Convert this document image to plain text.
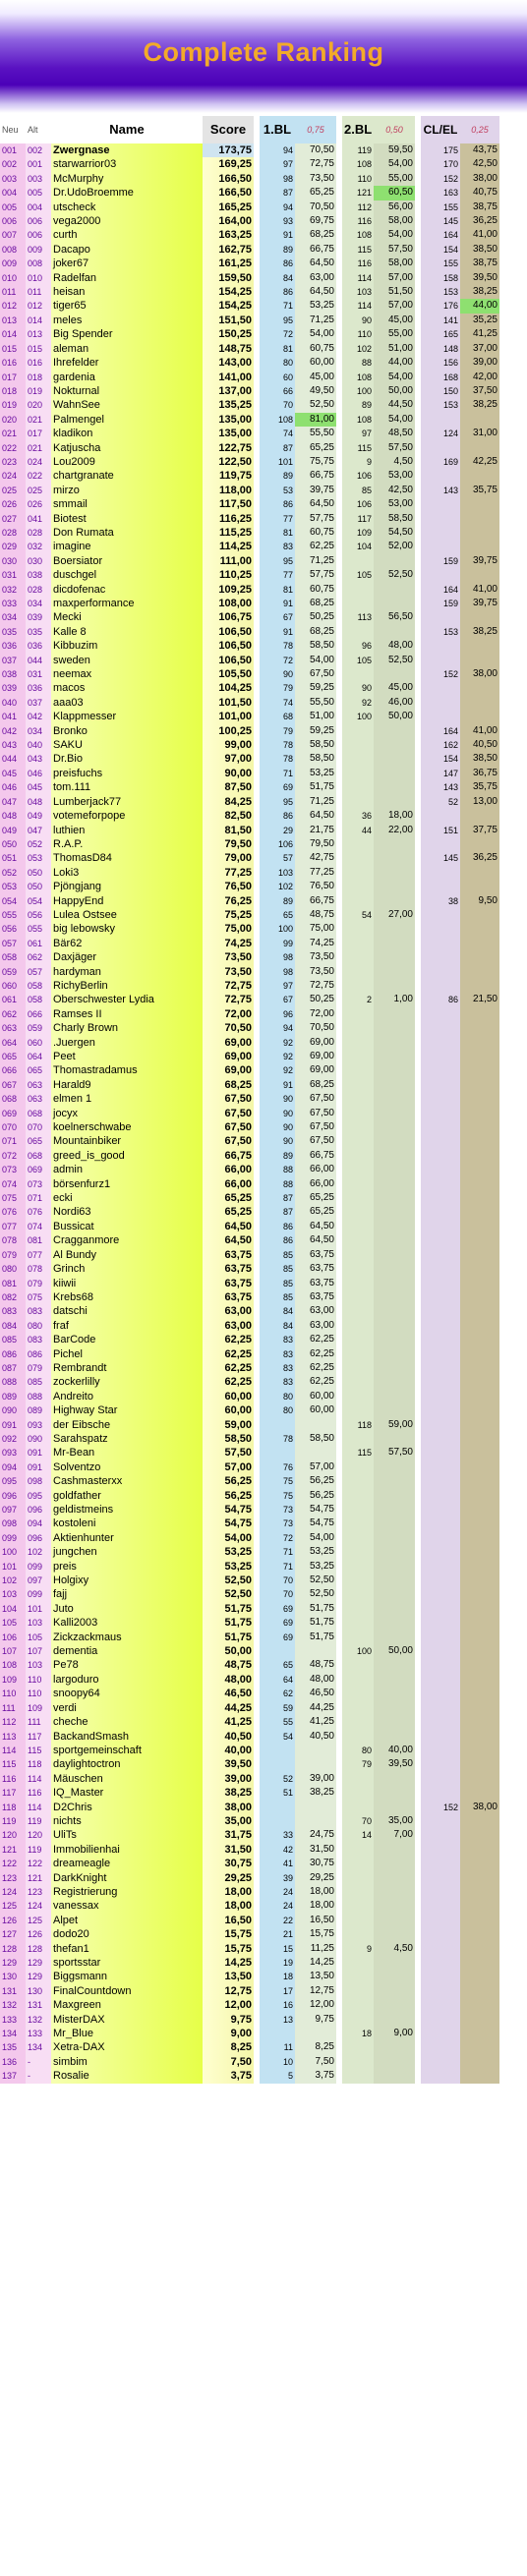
Complete Ranking
Neu	Alt	Name	Score		1.BL	0,75		2.BL	0,50		CL/EL	0,25	
001	002	Zwergnase	173,75		94	70,50		119	59,50		175	43,75	
002	001	starwarrior03	169,25		97	72,75		108	54,00		170	42,50	
003	003	McMurphy	166,50		98	73,50		110	55,00		152	38,00	
004	005	Dr.UdoBroemme	166,50		87	65,25		121	60,50		163	40,75	
005	004	utscheck	165,25		94	70,50		112	56,00		155	38,75	
006	006	vega2000	164,00		93	69,75		116	58,00		145	36,25	
007	006	curth	163,25		91	68,25		108	54,00		164	41,00	
008	009	Dacapo	162,75		89	66,75		115	57,50		154	38,50	
009	008	joker67	161,25		86	64,50		116	58,00		155	38,75	
010	010	Radelfan	159,50		84	63,00		114	57,00		158	39,50	
011	011	heisan	154,25		86	64,50		103	51,50		153	38,25	
012	012	tiger65	154,25		71	53,25		114	57,00		176	44,00	
013	014	meles	151,50		95	71,25		90	45,00		141	35,25	
014	013	Big Spender	150,25		72	54,00		110	55,00		165	41,25	
015	015	aleman	148,75		81	60,75		102	51,00		148	37,00	
016	016	Ihrefelder	143,00		80	60,00		88	44,00		156	39,00	
017	018	gardenia	141,00		60	45,00		108	54,00		168	42,00	
018	019	Nokturnal	137,00		66	49,50		100	50,00		150	37,50	
019	020	WahnSee	135,25		70	52,50		89	44,50		153	38,25	
020	021	Palmengel	135,00		108	81,00		108	54,00				
021	017	kladikon	135,00		74	55,50		97	48,50		124	31,00	
022	021	Katjuscha	122,75		87	65,25		115	57,50				
023	024	Lou2009	122,50		101	75,75		9	4,50		169	42,25	
024	022	chartgranate	119,75		89	66,75		106	53,00				
025	025	mirzo	118,00		53	39,75		85	42,50		143	35,75	
026	026	smmail	117,50		86	64,50		106	53,00				
027	041	Biotest	116,25		77	57,75		117	58,50				
028	028	Don Rumata	115,25		81	60,75		109	54,50				
029	032	imagine	114,25		83	62,25		104	52,00				
030	030	Boersiator	111,00		95	71,25					159	39,75	
031	038	duschgel	110,25		77	57,75		105	52,50				
032	028	dicdofenac	109,25		81	60,75					164	41,00	
033	034	maxperformance	108,00		91	68,25					159	39,75	
034	039	Mecki	106,75		67	50,25		113	56,50				
035	035	Kalle 8	106,50		91	68,25					153	38,25	
036	036	Kibbuzim	106,50		78	58,50		96	48,00				
037	044	sweden	106,50		72	54,00		105	52,50				
038	031	neemax	105,50		90	67,50					152	38,00	
039	036	macos	104,25		79	59,25		90	45,00				
040	037	aaa03	101,50		74	55,50		92	46,00				
041	042	Klappmesser	101,00		68	51,00		100	50,00				
042	034	Bronko	100,25		79	59,25					164	41,00	
043	040	SAKU	99,00		78	58,50					162	40,50	
044	043	Dr.Bio	97,00		78	58,50					154	38,50	
045	046	preisfuchs	90,00		71	53,25					147	36,75	
046	045	tom.111	87,50		69	51,75					143	35,75	
047	048	Lumberjack77	84,25		95	71,25					52	13,00	
048	049	votemeforpope	82,50		86	64,50		36	18,00				
049	047	luthien	81,50		29	21,75		44	22,00		151	37,75	
050	052	R.A.P.	79,50		106	79,50							
051	053	ThomasD84	79,00		57	42,75					145	36,25	
052	050	Loki3	77,25		103	77,25							
053	050	Pjöngjang	76,50		102	76,50							
054	054	HappyEnd	76,25		89	66,75					38	9,50	
055	056	Lulea Ostsee	75,25		65	48,75		54	27,00				
056	055	big lebowsky	75,00		100	75,00							
057	061	Bär62	74,25		99	74,25							
058	062	Daxjäger	73,50		98	73,50							
059	057	hardyman	73,50		98	73,50							
060	058	RichyBerlin	72,75		97	72,75							
061	058	Oberschwester Lydia	72,75		67	50,25		2	1,00		86	21,50	
062	066	Ramses II	72,00		96	72,00							
063	059	Charly Brown	70,50		94	70,50							
064	060	.Juergen	69,00		92	69,00							
065	064	Peet	69,00		92	69,00							
066	065	Thomastradamus	69,00		92	69,00							
067	063	Harald9	68,25		91	68,25							
068	063	elmen 1	67,50		90	67,50							
069	068	jocyx	67,50		90	67,50							
070	070	koelnerschwabe	67,50		90	67,50							
071	065	Mountainbiker	67,50		90	67,50							
072	068	greed_is_good	66,75		89	66,75							
073	069	admin	66,00		88	66,00							
074	073	börsenfurz1	66,00		88	66,00							
075	071	ecki	65,25		87	65,25							
076	076	Nordi63	65,25		87	65,25							
077	074	Bussicat	64,50		86	64,50							
078	081	Cragganmore	64,50		86	64,50							
079	077	Al Bundy	63,75		85	63,75							
080	078	Grinch	63,75		85	63,75							
081	079	kiiwii	63,75		85	63,75							
082	075	Krebs68	63,75		85	63,75							
083	083	datschi	63,00		84	63,00							
084	080	fraf	63,00		84	63,00							
085	083	BarCode	62,25		83	62,25							
086	086	Pichel	62,25		83	62,25							
087	079	Rembrandt	62,25		83	62,25							
088	085	zockerlilly	62,25		83	62,25							
089	088	Andreito	60,00		80	60,00							
090	089	Highway Star	60,00		80	60,00							
091	093	der Eibsche	59,00					118	59,00				
092	090	Sarahspatz	58,50		78	58,50							
093	091	Mr-Bean	57,50					115	57,50				
094	091	Solventzo	57,00		76	57,00							
095	098	Cashmasterxx	56,25		75	56,25							
096	095	goldfather	56,25		75	56,25							
097	096	geldistmeins	54,75		73	54,75							
098	094	kostoleni	54,75		73	54,75							
099	096	Aktienhunter	54,00		72	54,00							
100	102	jungchen	53,25		71	53,25							
101	099	preis	53,25		71	53,25							
102	097	Holgixy	52,50		70	52,50							
103	099	fajj	52,50		70	52,50							
104	101	Juto	51,75		69	51,75							
105	103	Kalli2003	51,75		69	51,75							
106	105	Zickzackmaus	51,75		69	51,75							
107	107	dementia	50,00					100	50,00				
108	103	Pe78	48,75		65	48,75							
109	110	largoduro	48,00		64	48,00							
110	110	snoopy64	46,50		62	46,50							
111	109	verdi	44,25		59	44,25							
112	111	cheche	41,25		55	41,25							
113	117	BackandSmash	40,50		54	40,50							
114	115	sportgemeinschaft	40,00					80	40,00				
115	118	daylightoctron	39,50					79	39,50				
116	114	Mäuschen	39,00		52	39,00							
117	116	IQ_Master	38,25		51	38,25							
118	114	D2Chris	38,00								152	38,00	
119	119	nichts	35,00					70	35,00				
120	120	UliTs	31,75		33	24,75		14	7,00				
121	119	Immobilienhai	31,50		42	31,50							
122	122	dreameagle	30,75		41	30,75							
123	121	DarkKnight	29,25		39	29,25							
124	123	Registrierung	18,00		24	18,00							
125	124	vanessax	18,00		24	18,00							
126	125	Alpet	16,50		22	16,50							
127	126	dodo20	15,75		21	15,75							
128	128	thefan1	15,75		15	11,25		9	4,50				
129	129	sportsstar	14,25		19	14,25							
130	129	Biggsmann	13,50		18	13,50							
131	130	FinalCountdown	12,75		17	12,75							
132	131	Maxgreen	12,00		16	12,00							
133	132	MisterDAX	9,75		13	9,75							
134	133	Mr_Blue	9,00					18	9,00				
135	134	Xetra-DAX	8,25		11	8,25							
136	-	simbim	7,50		10	7,50							
137	-	Rosalie	3,75		5	3,75							
